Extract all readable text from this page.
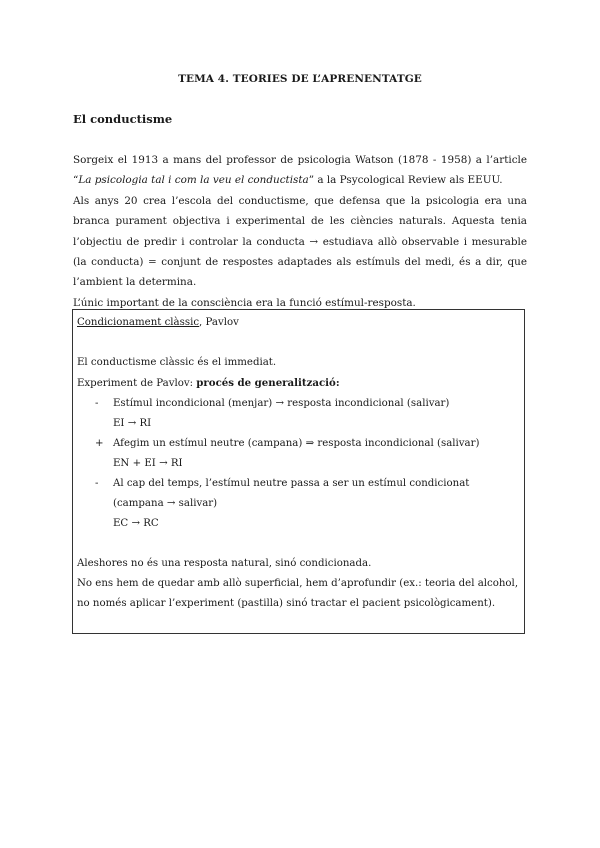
TEMA 4. TEORIES DE L’APRENENTATGE
El conductisme

Sorgeix el 1913 a mans del professor de psicologia Watson (1878 - 1958) a l’article “La psicologia tal i com la veu el conductista” a la Psycological Review als EEUU.

Als anys 20 crea l’escola del conductisme, que defensa que la psicologia era una branca purament objectiva i experimental de les ciències naturals. Aquesta tenia l’objectiu de predir i controlar la conducta → estudiava allò observable i mesurable (la conducta) = conjunt de respostes adaptades als estímuls del medi, és a dir, que l’ambient la determina.

L’únic important de la consciència era la funció estímul-resposta.

Condicionament clàssic, Pavlov

El conductisme clàssic és el immediat.

Experiment de Pavlov: procés de generalització:

- Estímul incondicional (menjar) → resposta incondicional (salivar)
EI → RI
+ Afegim un estímul neutre (campana) ⇒ resposta incondicional (salivar)
EN + EI → RI
- Al cap del temps, l’estímul neutre passa a ser un estímul condicionat (campana → salivar)
EC → RC

Aleshores no és una resposta natural, sinó condicionada.

No ens hem de quedar amb allò superficial, hem d’aprofundir (ex.: teoria del alcohol, no només aplicar l’experiment (pastilla) sinó tractar el pacient psicològicament).
